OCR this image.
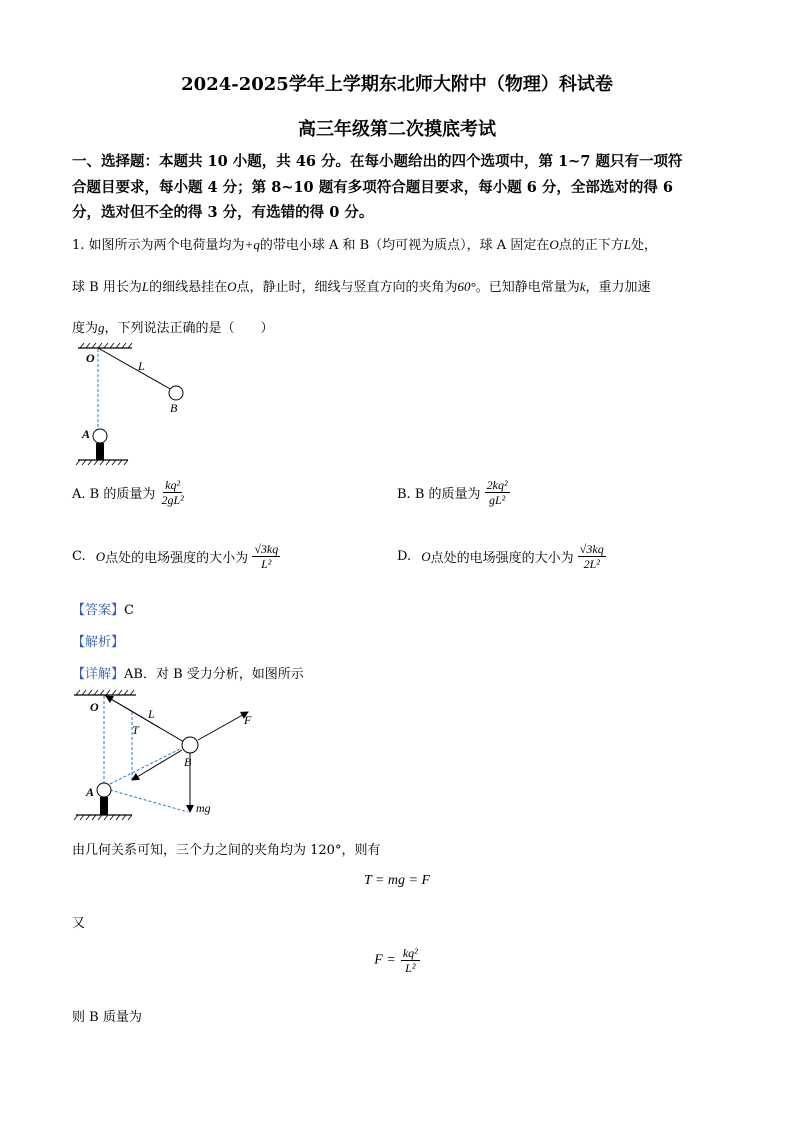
2024-2025学年上学期东北师大附中（物理）科试卷
高三年级第二次摸底考试
一、选择题：本题共 10 小题，共 46 分。在每小题给出的四个选项中，第 1~7 题只有一项符
合题目要求，每小题 4 分；第 8~10 题有多项符合题目要求，每小题 6 分，全部选对的得 6
分，选对但不全的得 3 分，有选错的得 0 分。
1. 如图所示为两个电荷量均为+q的带电小球 A 和 B（均可视为质点），球 A 固定在O点的正下方L处，
球 B 用长为L的细线悬挂在O点，静止时，细线与竖直方向的夹角为60°。已知静电常量为k，重力加速
度为g，下列说法正确的是（　　）
O
L
B
A
A. B 的质量为 $\frac{\text{kq²}}{\text{2gL²}}$	B. B 的质量为 $\frac{\text{2kq²}}{\text{gL²}}$
C. O点处的电场强度的大小为 $\frac{√3kq}{\text{L²}}$	D. O点处的电场强度的大小为 $\frac{√3kq}{\text{2L²}}$
【答案】C
【解析】
【详解】AB．对 B 受力分析，如图所示
O	L
T
B
F
A
mg
由几何关系可知，三个力之间的夹角均为 120°，则有
T = mg = F
又
$F = \frac{\text{kq²}}{\text{L²}}$
则 B 质量为
